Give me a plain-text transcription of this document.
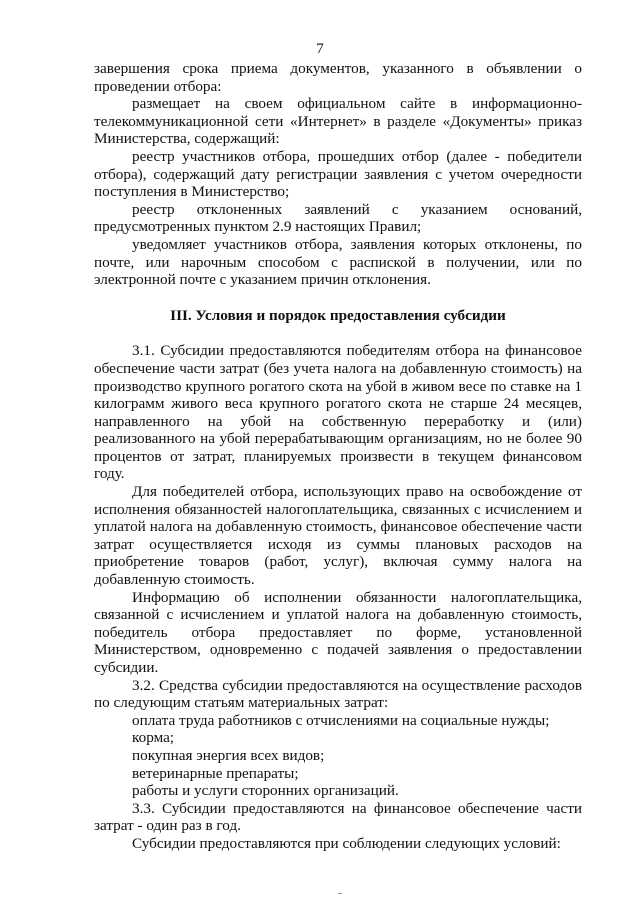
7

завершения срока приема документов, указанного в объявлении о проведении отбора:

размещает на своем официальном сайте в информационно-телекоммуникационной сети «Интернет» в разделе «Документы» приказ Министерства, содержащий:

реестр участников отбора, прошедших отбор (далее - победители отбора), содержащий дату регистрации заявления с учетом очередности поступления в Министерство;

реестр отклоненных заявлений с указанием оснований, предусмотренных пунктом 2.9 настоящих Правил;

уведомляет участников отбора, заявления которых отклонены, по почте, или нарочным способом с распиской в получении, или по электронной почте с указанием причин отклонения.

III. Условия и порядок предоставления субсидии

3.1. Субсидии предоставляются победителям отбора на финансовое обеспечение части затрат (без учета налога на добавленную стоимость) на производство крупного рогатого скота на убой в живом весе по ставке на 1 килограмм живого веса крупного рогатого скота не старше 24 месяцев, направленного на убой на собственную переработку и (или) реализованного на убой перерабатывающим организациям, но не более 90 процентов от затрат, планируемых произвести в текущем финансовом году.

Для победителей отбора, использующих право на освобождение от исполнения обязанностей налогоплательщика, связанных с исчислением и уплатой налога на добавленную стоимость, финансовое обеспечение части затрат осуществляется исходя из суммы плановых расходов на приобретение товаров (работ, услуг), включая сумму налога на добавленную стоимость.

Информацию об исполнении обязанности налогоплательщика, связанной с исчислением и уплатой налога на добавленную стоимость, победитель отбора предоставляет по форме, установленной Министерством, одновременно с подачей заявления о предоставлении субсидии.

3.2. Средства субсидии предоставляются на осуществление расходов по следующим статьям материальных затрат:

оплата труда работников с отчислениями на социальные нужды;

корма;

покупная энергия всех видов;

ветеринарные препараты;

работы и услуги сторонних организаций.

3.3. Субсидии предоставляются на финансовое обеспечение части затрат - один раз в год.

Субсидии предоставляются при соблюдении следующих условий:
